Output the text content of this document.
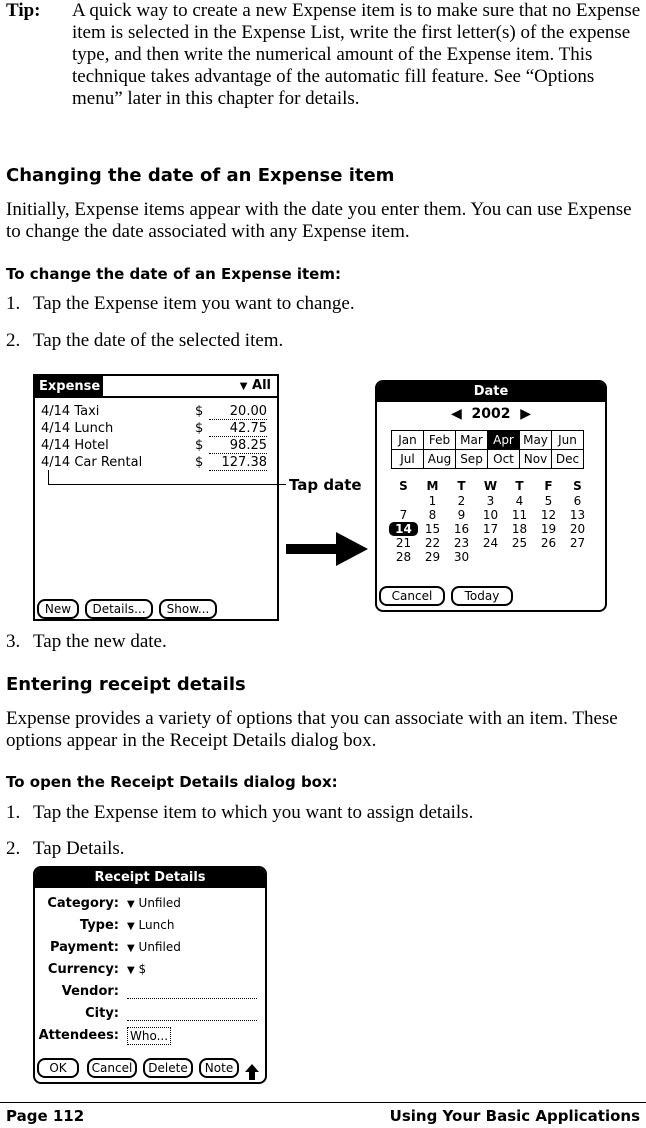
Tip: A quick way to create a new Expense item is to make sure that no Expense item is selected in the Expense List, write the first letter(s) of the expense type, and then write the numerical amount of the Expense item. This technique takes advantage of the automatic fill feature. See “Options menu” later in this chapter for details.
Changing the date of an Expense item
Initially, Expense items appear with the date you enter them. You can use Expense to change the date associated with any Expense item.
To change the date of an Expense item:
1. Tap the Expense item you want to change.
2. Tap the date of the selected item.
Expense	▼ All
4/14 Taxi	$	20.00
4/14 Lunch	$	42.75
4/14 Hotel	$	98.25
4/14 Car Rental	$	127.38
New	Details...	Show...
Tap date
Date
◀ 2002 ▶
Jan	Feb	Mar	Apr	May	Jun
Jul	Aug	Sep	Oct	Nov	Dec
S	M	T	W	T	F	S
	1	2	3	4	5	6
7	8	9	10	11	12	13
14	15	16	17	18	19	20
21	22	23	24	25	26	27
28	29	30				
Cancel	Today
3. Tap the new date.
Entering receipt details
Expense provides a variety of options that you can associate with an item. These options appear in the Receipt Details dialog box.
To open the Receipt Details dialog box:
1. Tap the Expense item to which you want to assign details.
2. Tap Details.
Receipt Details
Category: ▼ Unfiled
Type: ▼ Lunch
Payment: ▼ Unfiled
Currency: ▼ $
Vendor:
City:
Attendees: Who...
OK	Cancel	Delete	Note
Page 112	Using Your Basic Applications
